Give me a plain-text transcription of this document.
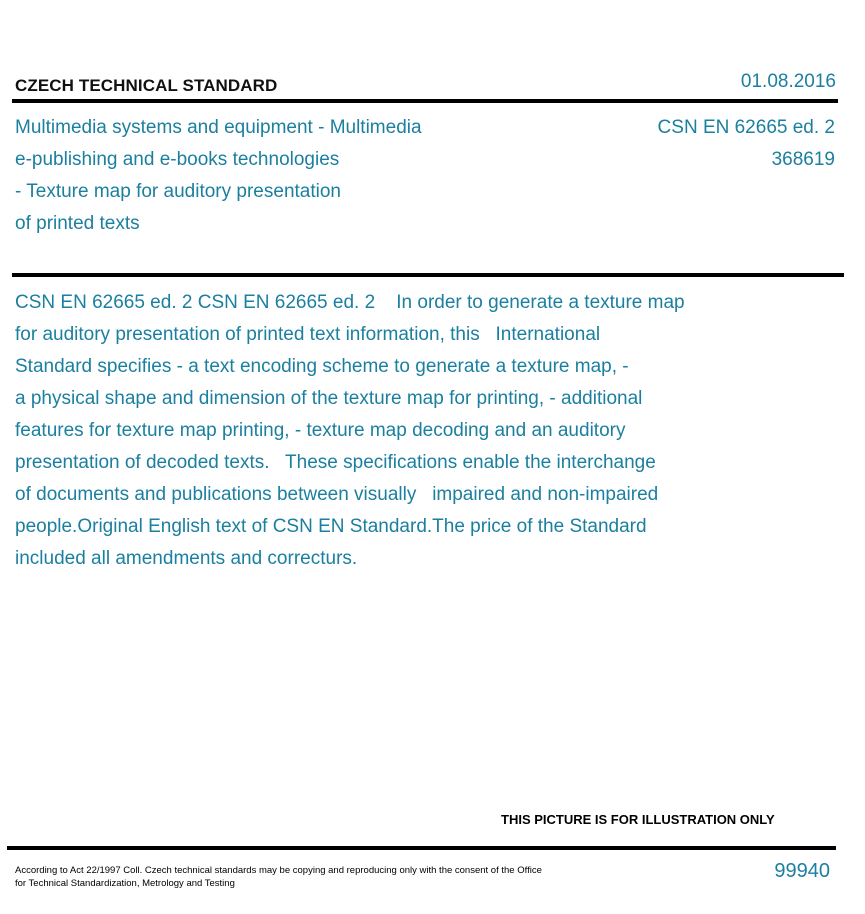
CZECH TECHNICAL STANDARD	01.08.2016
Multimedia systems and equipment - Multimedia
e-publishing and e-books technologies
- Texture map for auditory presentation
of printed texts
CSN EN 62665 ed. 2
368619
CSN EN 62665 ed. 2 CSN EN 62665 ed. 2    In order to generate a texture map
for auditory presentation of printed text information, this   International
Standard specifies - a text encoding scheme to generate a texture map, -
a physical shape and dimension of the texture map for printing, - additional
features for texture map printing, - texture map decoding and an auditory
presentation of decoded texts.   These specifications enable the interchange
of documents and publications between visually   impaired and non-impaired
people.Original English text of CSN EN Standard.The price of the Standard
included all amendments and correcturs.
THIS PICTURE IS FOR ILLUSTRATION ONLY
According to Act 22/1997 Coll. Czech technical standards may be copying and reproducing only with the consent of the Office
for Technical Standardization, Metrology and Testing
99940
